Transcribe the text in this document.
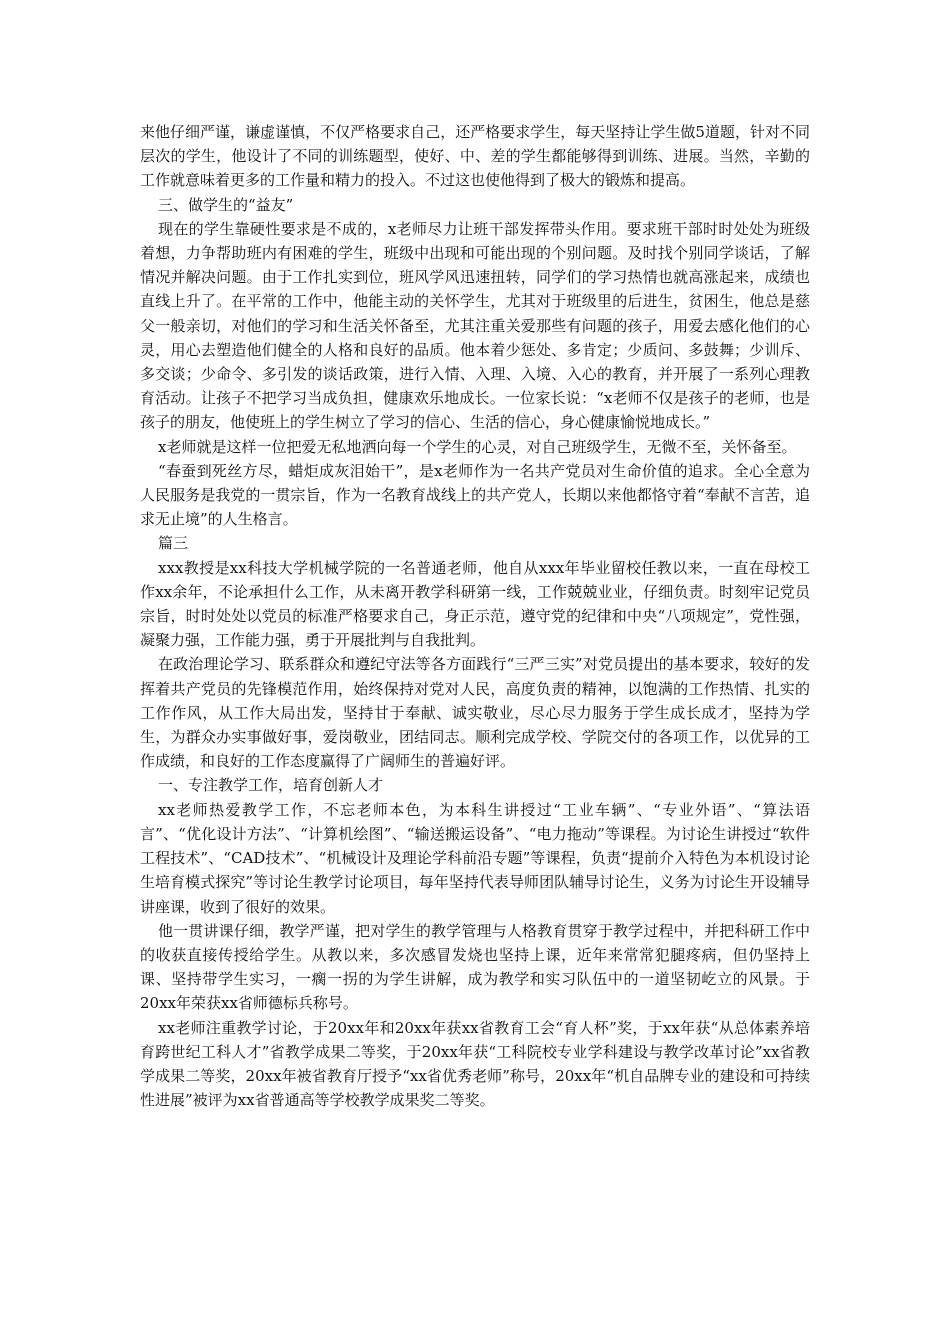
来他仔细严谨，谦虚谨慎，不仅严格要求自己，还严格要求学生，每天坚持让学生做5道题，针对不同层次的学生，他设计了不同的训练题型，使好、中、差的学生都能够得到训练、进展。当然，辛勤的工作就意味着更多的工作量和精力的投入。不过这也使他得到了极大的锻炼和提高。

三、做学生的“益友”

现在的学生靠硬性要求是不成的，x老师尽力让班干部发挥带头作用。要求班干部时时处处为班级着想，力争帮助班内有困难的学生，班级中出现和可能出现的个别问题。及时找个别同学谈话，了解情况并解决问题。由于工作扎实到位，班风学风迅速扭转，同学们的学习热情也就高涨起来，成绩也直线上升了。在平常的工作中，他能主动的关怀学生，尤其对于班级里的后进生，贫困生，他总是慈父一般亲切，对他们的学习和生活关怀备至，尤其注重关爱那些有问题的孩子，用爱去感化他们的心灵，用心去塑造他们健全的人格和良好的品质。他本着少惩处、多肯定；少质问、多鼓舞；少训斥、多交谈；少命令、多引发的谈话政策，进行入情、入理、入境、入心的教育，并开展了一系列心理教育活动。让孩子不把学习当成负担，健康欢乐地成长。一位家长说：“x老师不仅是孩子的老师，也是孩子的朋友，他使班上的学生树立了学习的信心、生活的信心，身心健康愉悦地成长。”

x老师就是这样一位把爱无私地洒向每一个学生的心灵，对自己班级学生，无微不至，关怀备至。

“春蚕到死丝方尽，蜡炬成灰泪始干”，是x老师作为一名共产党员对生命价值的追求。全心全意为人民服务是我党的一贯宗旨，作为一名教育战线上的共产党人，长期以来他都恪守着“奉献不言苦，追求无止境”的人生格言。

篇三

xxx教授是xx科技大学机械学院的一名普通老师，他自从xxx年毕业留校任教以来，一直在母校工作xx余年，不论承担什么工作，从未离开教学科研第一线，工作兢兢业业，仔细负责。时刻牢记党员宗旨，时时处处以党员的标准严格要求自己，身正示范，遵守党的纪律和中央“八项规定”，党性强，凝聚力强，工作能力强，勇于开展批判与自我批判。

在政治理论学习、联系群众和遵纪守法等各方面践行“三严三实”对党员提出的基本要求，较好的发挥着共产党员的先锋模范作用，始终保持对党对人民，高度负责的精神，以饱满的工作热情、扎实的工作作风，从工作大局出发，坚持甘于奉献、诚实敬业，尽心尽力服务于学生成长成才，坚持为学生，为群众办实事做好事，爱岗敬业，团结同志。顺利完成学校、学院交付的各项工作，以优异的工作成绩，和良好的工作态度赢得了广阔师生的普遍好评。

一、专注教学工作，培育创新人才

xx老师热爱教学工作，不忘老师本色，为本科生讲授过“工业车辆”、“专业外语”、“算法语言”、“优化设计方法”、“计算机绘图”、“输送搬运设备”、“电力拖动”等课程。为讨论生讲授过“软件工程技术”、“CAD技术”、“机械设计及理论学科前沿专题”等课程，负责“提前介入特色为本机设讨论生培育模式探究”等讨论生教学讨论项目，每年坚持代表导师团队辅导讨论生，义务为讨论生开设辅导讲座课，收到了很好的效果。

他一贯讲课仔细，教学严谨，把对学生的教学管理与人格教育贯穿于教学过程中，并把科研工作中的收获直接传授给学生。从教以来，多次感冒发烧也坚持上课，近年来常常犯腿疼病，但仍坚持上课、坚持带学生实习，一瘸一拐的为学生讲解，成为教学和实习队伍中的一道坚韧屹立的风景。于20xx年荣获xx省师德标兵称号。

xx老师注重教学讨论，于20xx年和20xx年获xx省教育工会“育人杯”奖，于xx年获“从总体素养培育跨世纪工科人才”省教学成果二等奖，于20xx年获“工科院校专业学科建设与教学改革讨论”xx省教学成果二等奖，20xx年被省教育厅授予“xx省优秀老师”称号，20xx年“机自品牌专业的建设和可持续性进展”被评为xx省普通高等学校教学成果奖二等奖。
